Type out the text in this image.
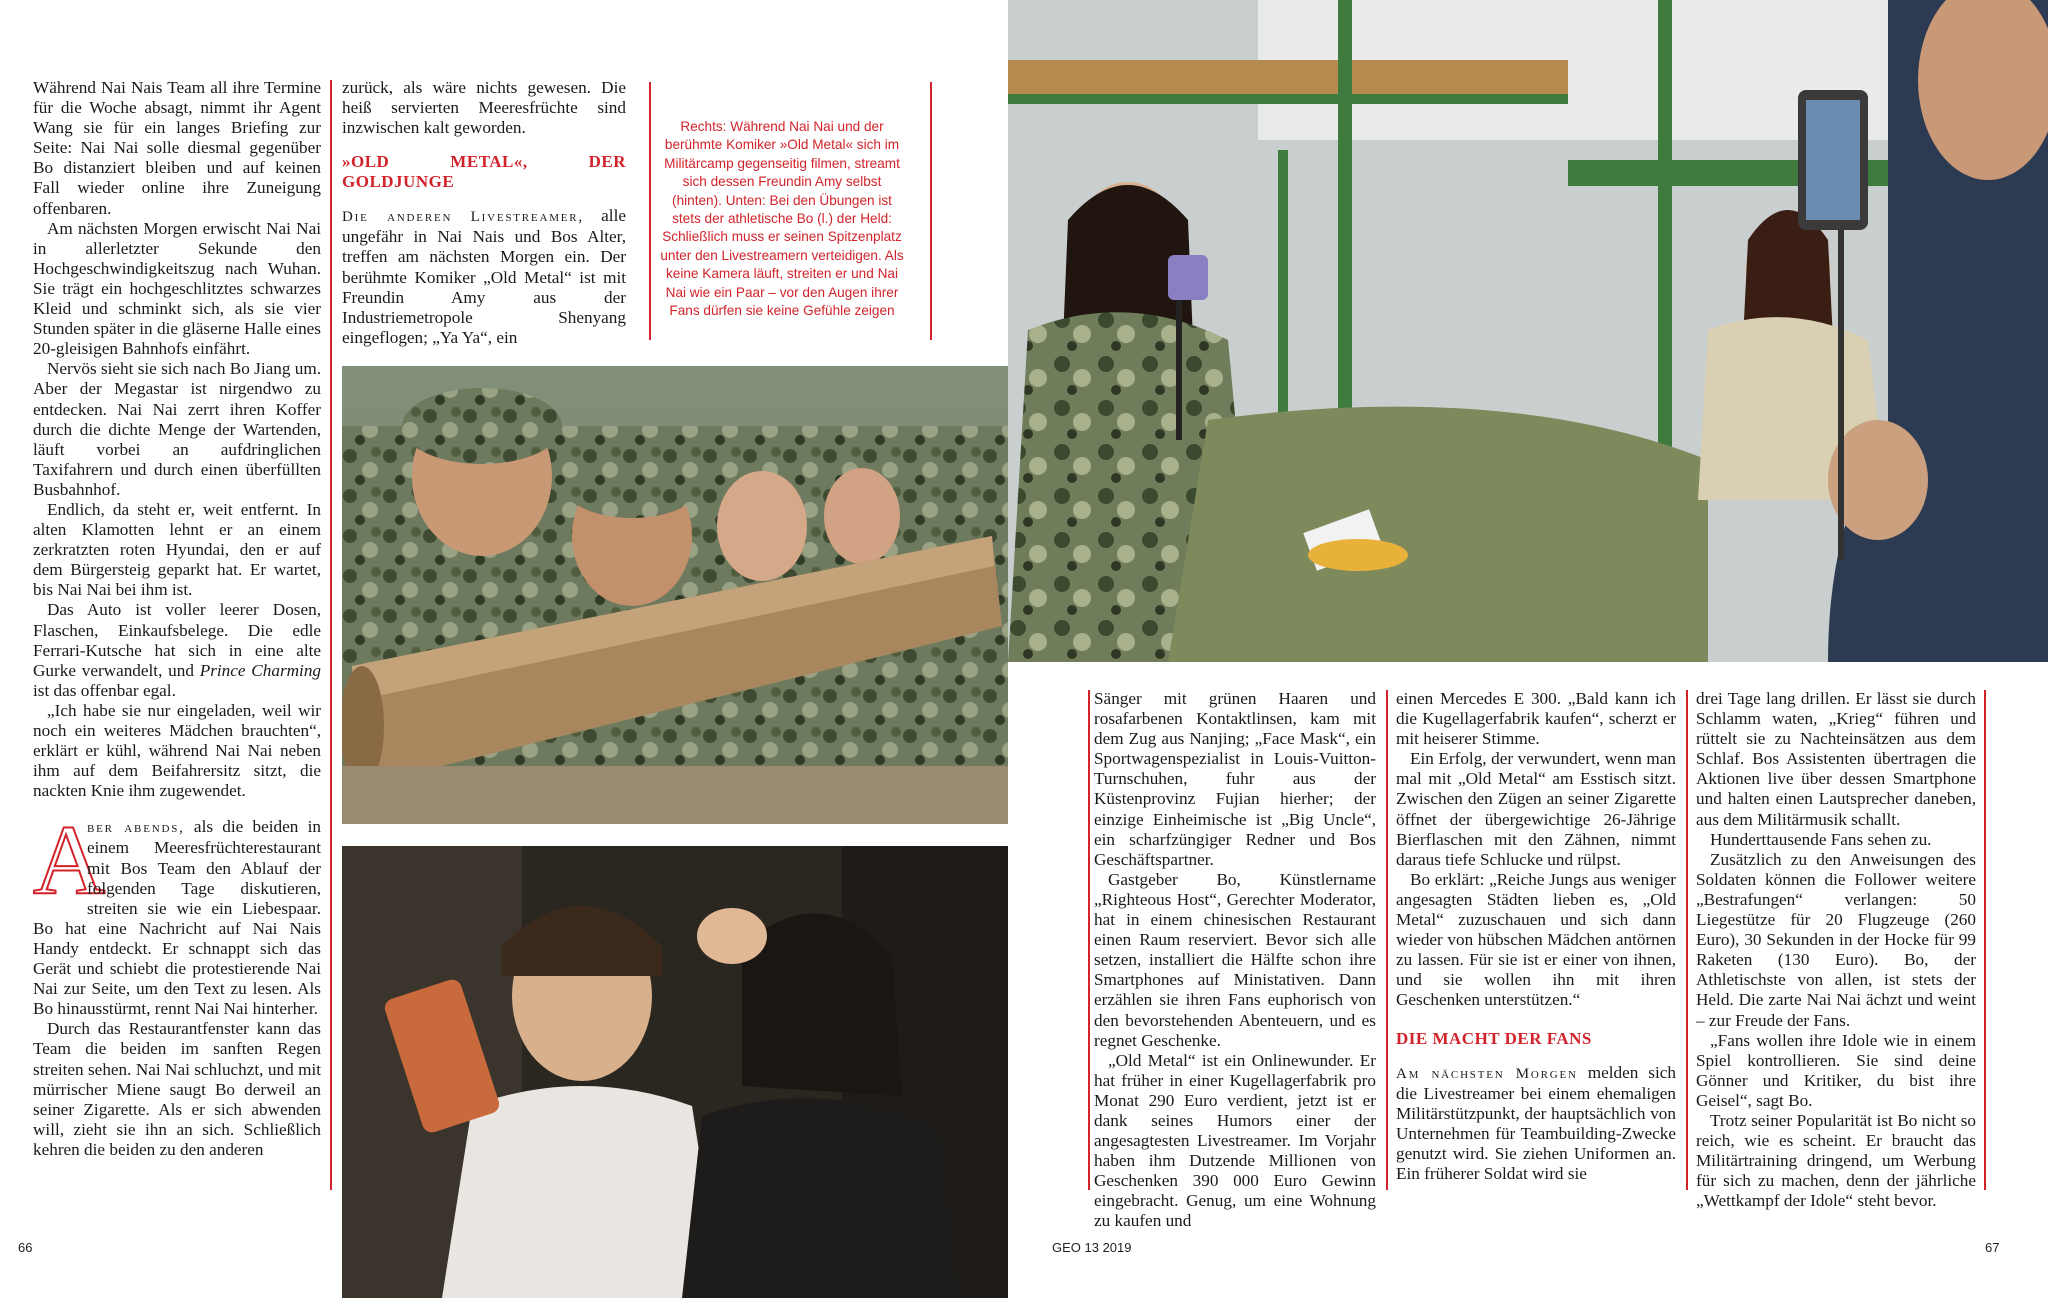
Während Nai Nais Team all ihre Termine für die Woche absagt, nimmt ihr Agent Wang sie für ein langes Briefing zur Seite: Nai Nai solle diesmal gegenüber Bo distanziert bleiben und auf keinen Fall wieder online ihre Zuneigung offenbaren.

Am nächsten Morgen erwischt Nai Nai in allerletzter Sekunde den Hochgeschwindigkeitszug nach Wuhan. Sie trägt ein hochgeschlitztes schwarzes Kleid und schminkt sich, als sie vier Stunden später in die gläserne Halle eines 20-gleisigen Bahnhofs einfährt.

Nervös sieht sie sich nach Bo Jiang um. Aber der Megastar ist nirgendwo zu entdecken. Nai Nai zerrt ihren Koffer durch die dichte Menge der Wartenden, läuft vorbei an aufdringlichen Taxifahrern und durch einen überfüllten Busbahnhof.

Endlich, da steht er, weit entfernt. In alten Klamotten lehnt er an einem zerkratzten roten Hyundai, den er auf dem Bürgersteig geparkt hat. Er wartet, bis Nai Nai bei ihm ist.

Das Auto ist voller leerer Dosen, Flaschen, Einkaufsbelege. Die edle Ferrari-Kutsche hat sich in eine alte Gurke verwandelt, und Prince Charming ist das offenbar egal.

„Ich habe sie nur eingeladen, weil wir noch ein weiteres Mädchen brauchten“, erklärt er kühl, während Nai Nai neben ihm auf dem Beifahrersitz sitzt, die nackten Knie ihm zugewendet.

A
ber abends, als die beiden in einem Meeresfrüchterestaurant mit Bos Team den Ablauf der folgenden Tage diskutieren, streiten sie wie ein Liebespaar. Bo hat eine Nachricht auf Nai Nais Handy entdeckt. Er schnappt sich das Gerät und schiebt die protestierende Nai Nai zur Seite, um den Text zu lesen. Als Bo hinausstürmt, rennt Nai Nai hinterher.

Durch das Restaurantfenster kann das Team die beiden im sanften Regen streiten sehen. Nai Nai schluchzt, und mit mürrischer Miene saugt Bo derweil an seiner Zigarette. Als er sich abwenden will, zieht sie ihn an sich. Schließlich kehren die beiden zu den anderen

zurück, als wäre nichts gewesen. Die heiß servierten Meeresfrüchte sind inzwischen kalt geworden.

»OLD METAL«, DER GOLDJUNGE

Die anderen Livestreamer, alle ungefähr in Nai Nais und Bos Alter, treffen am nächsten Morgen ein. Der berühmte Komiker „Old Metal“ ist mit Freundin Amy aus der Industriemetropole Shenyang eingeflogen; „Ya Ya“, ein

Rechts: Während Nai Nai und der berühmte Komiker »Old Metal« sich im Militärcamp gegenseitig filmen, streamt sich dessen Freundin Amy selbst (hinten). Unten: Bei den Übungen ist stets der athletische Bo (l.) der Held: Schließlich muss er seinen Spitzenplatz unter den Livestreamern verteidigen. Als keine Kamera läuft, streiten er und Nai Nai wie ein Paar – vor den Augen ihrer Fans dürfen sie keine Gefühle zeigen

Sänger mit grünen Haaren und rosafarbenen Kontaktlinsen, kam mit dem Zug aus Nanjing; „Face Mask“, ein Sportwagenspezialist in Louis-Vuitton-Turnschuhen, fuhr aus der Küstenprovinz Fujian hierher; der einzige Einheimische ist „Big Uncle“, ein scharfzüngiger Redner und Bos Geschäftspartner.

Gastgeber Bo, Künstlername „Righteous Host“, Gerechter Moderator, hat in einem chinesischen Restaurant einen Raum reserviert. Bevor sich alle setzen, installiert die Hälfte schon ihre Smartphones auf Ministativen. Dann erzählen sie ihren Fans euphorisch von den bevorstehenden Abenteuern, und es regnet Geschenke.

„Old Metal“ ist ein Onlinewunder. Er hat früher in einer Kugellagerfabrik pro Monat 290 Euro verdient, jetzt ist er dank seines Humors einer der angesagtesten Livestreamer. Im Vorjahr haben ihm Dutzende Millionen von Geschenken 390 000 Euro Gewinn eingebracht. Genug, um eine Wohnung zu kaufen und

einen Mercedes E 300. „Bald kann ich die Kugellagerfabrik kaufen“, scherzt er mit heiserer Stimme.

Ein Erfolg, der verwundert, wenn man mal mit „Old Metal“ am Esstisch sitzt. Zwischen den Zügen an seiner Zigarette öffnet der übergewichtige 26-Jährige Bierflaschen mit den Zähnen, nimmt daraus tiefe Schlucke und rülpst.

Bo erklärt: „Reiche Jungs aus weniger angesagten Städten lieben es, „Old Metal“ zuzuschauen und sich dann wieder von hübschen Mädchen antörnen zu lassen. Für sie ist er einer von ihnen, und sie wollen ihn mit ihren Geschenken unterstützen.“

DIE MACHT DER FANS

Am nächsten Morgen melden sich die Livestreamer bei einem ehemaligen Militärstützpunkt, der hauptsächlich von Unternehmen für Teambuilding-Zwecke genutzt wird. Sie ziehen Uniformen an. Ein früherer Soldat wird sie

drei Tage lang drillen. Er lässt sie durch Schlamm waten, „Krieg“ führen und rüttelt sie zu Nachteinsätzen aus dem Schlaf. Bos Assistenten übertragen die Aktionen live über dessen Smartphone und halten einen Lautsprecher daneben, aus dem Militärmusik schallt.

Hunderttausende Fans sehen zu.

Zusätzlich zu den Anweisungen des Soldaten können die Follower weitere „Bestrafungen“ verlangen: 50 Liegestütze für 20 Flugzeuge (260 Euro), 30 Sekunden in der Hocke für 99 Raketen (130 Euro). Bo, der Athletischste von allen, ist stets der Held. Die zarte Nai Nai ächzt und weint – zur Freude der Fans.

„Fans wollen ihre Idole wie in einem Spiel kontrollieren. Sie sind deine Gönner und Kritiker, du bist ihre Geisel“, sagt Bo.

Trotz seiner Popularität ist Bo nicht so reich, wie es scheint. Er braucht das Militärtraining dringend, um Werbung für sich zu machen, denn der jährliche „Wettkampf der Idole“ steht bevor.

66	GEO 13 2019	67
